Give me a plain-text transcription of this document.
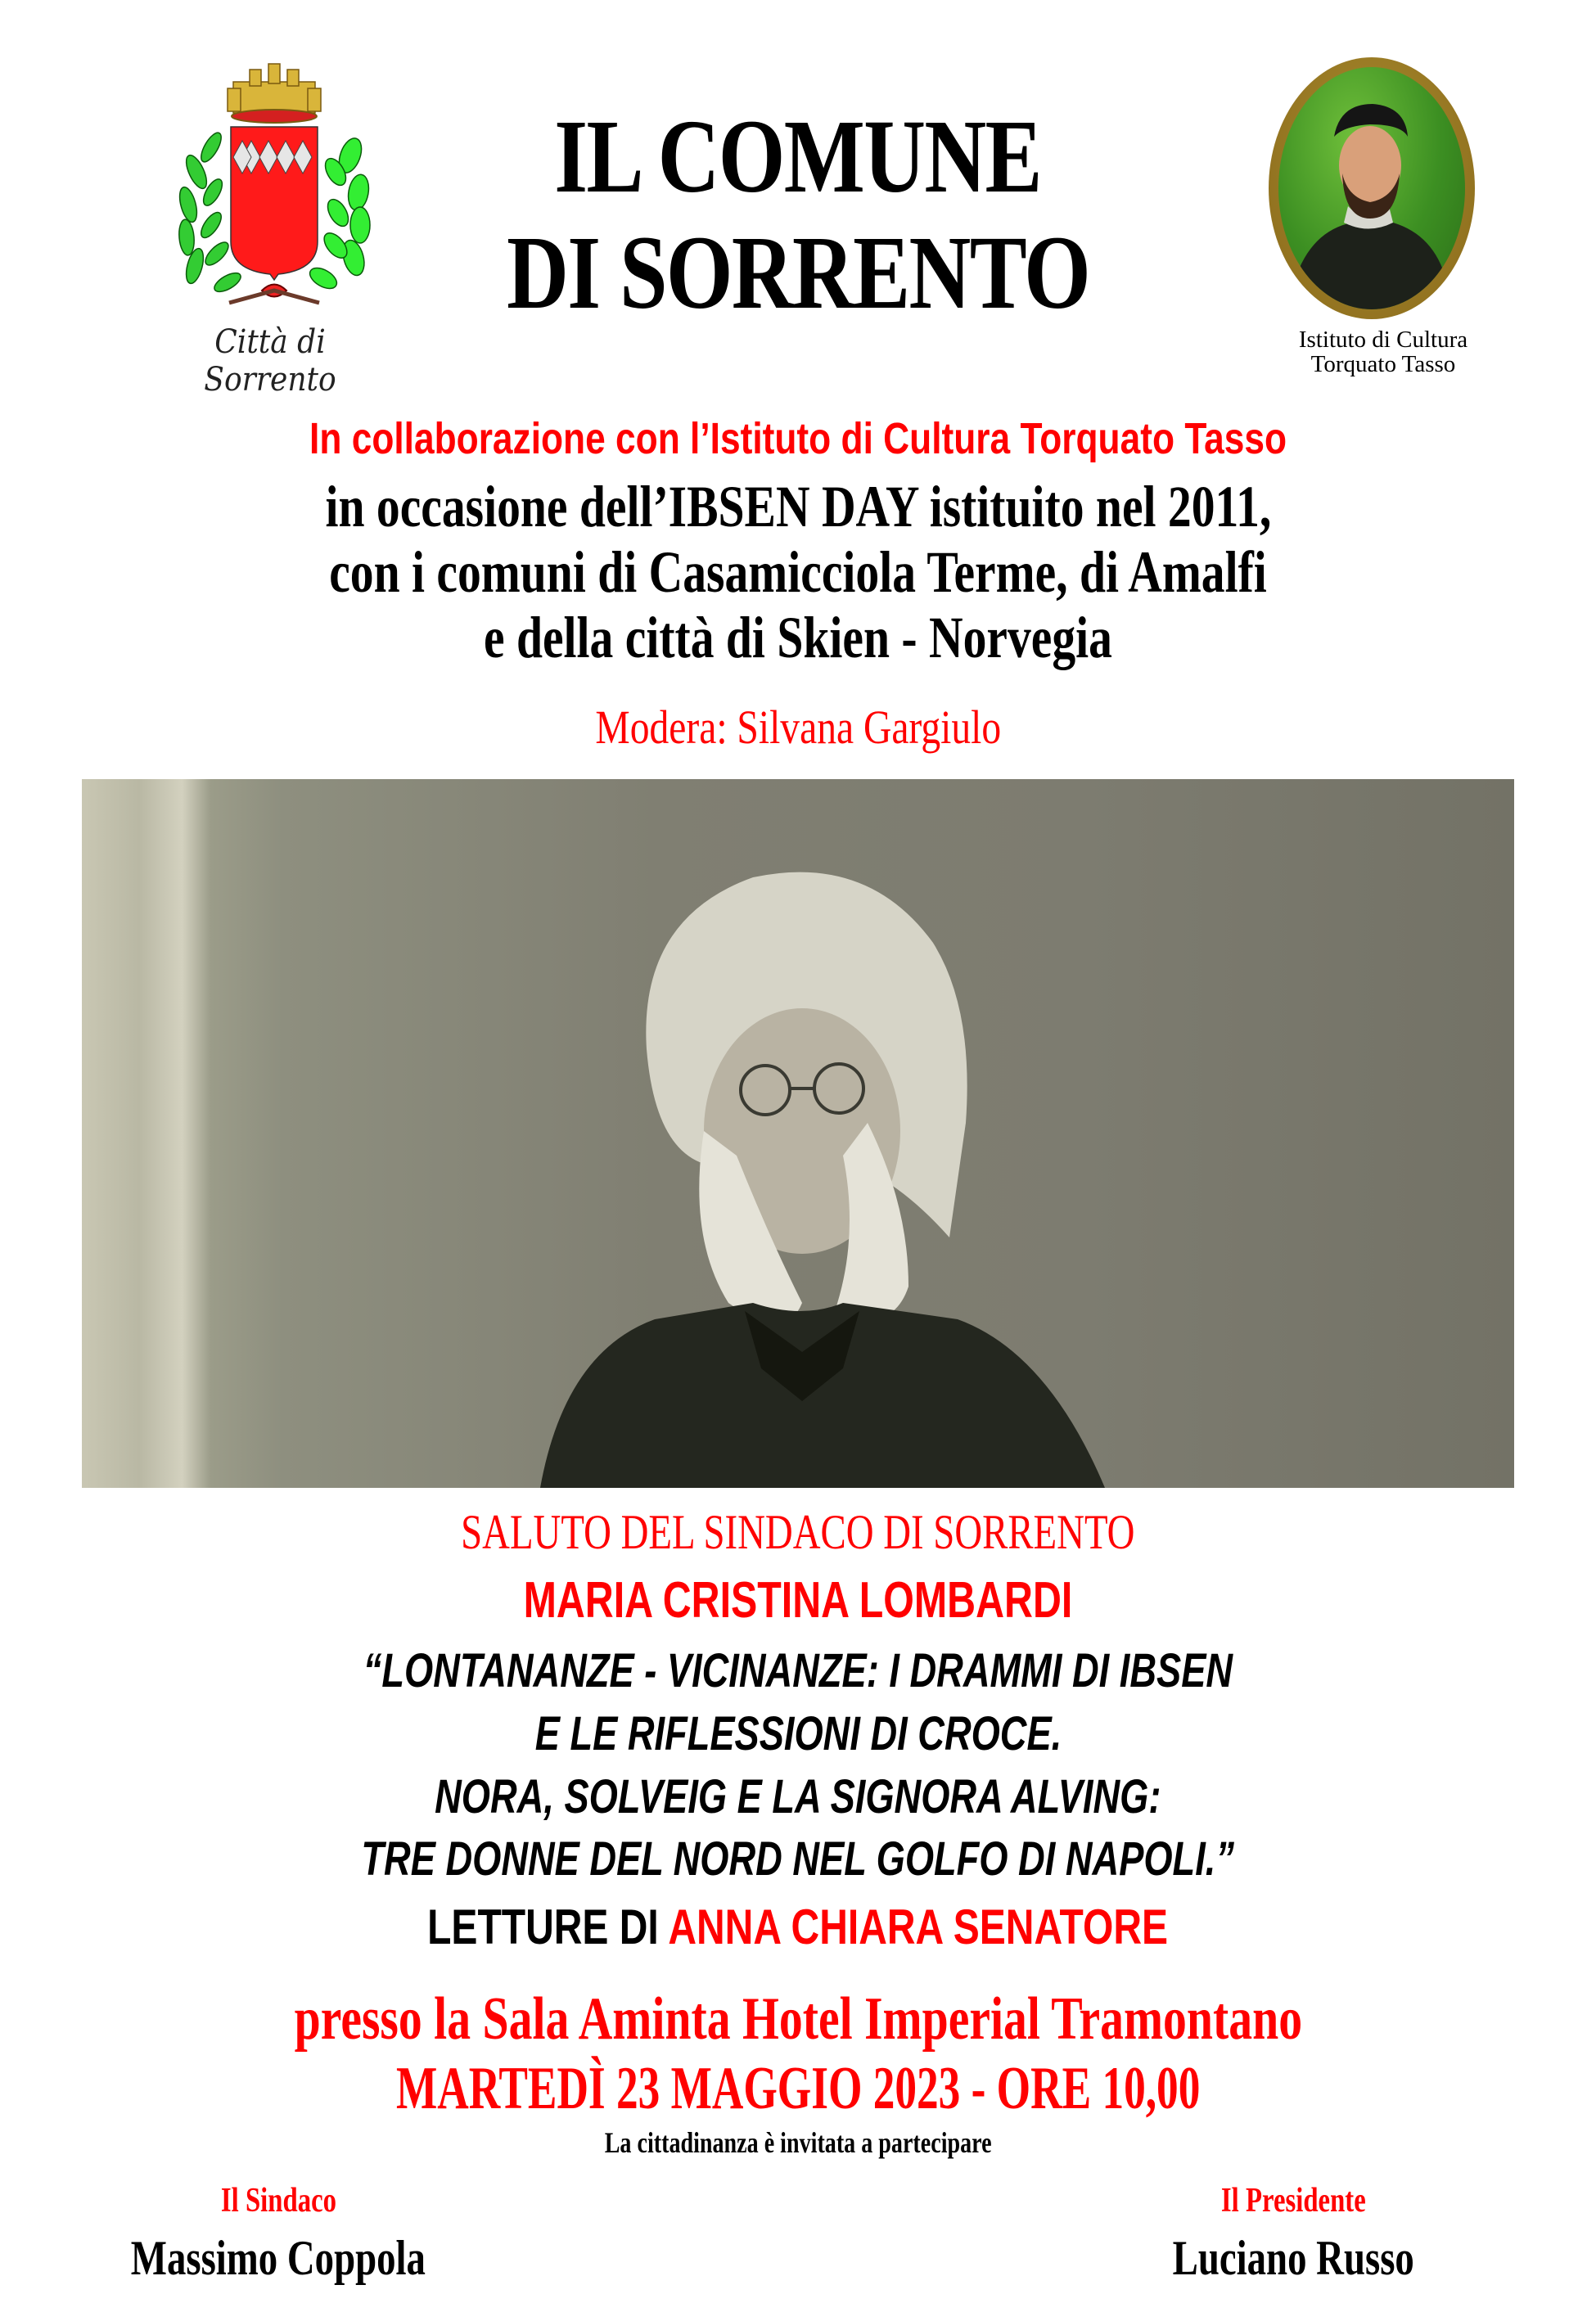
Città di Sorrento
IL COMUNE
DI SORRENTO
Istituto di Cultura
Torquato Tasso
In collaborazione con l’Istituto di Cultura Torquato Tasso
in occasione dell’IBSEN DAY istituito nel 2011,
con i comuni di Casamicciola Terme, di Amalfi
e della città di Skien - Norvegia
Modera: Silvana Gargiulo
SALUTO DEL SINDACO DI SORRENTO
MARIA CRISTINA LOMBARDI
“LONTANANZE - VICINANZE: I DRAMMI DI IBSEN
E LE RIFLESSIONI DI CROCE.
NORA, SOLVEIG E LA SIGNORA ALVING:
TRE DONNE DEL NORD NEL GOLFO DI NAPOLI.”
LETTURE DI ANNA CHIARA SENATORE
presso la Sala Aminta Hotel Imperial Tramontano
MARTEDÌ 23 MAGGIO 2023 - ORE 10,00
La cittadinanza è invitata a partecipare
Il Sindaco
Massimo Coppola
Il Presidente
Luciano Russo
